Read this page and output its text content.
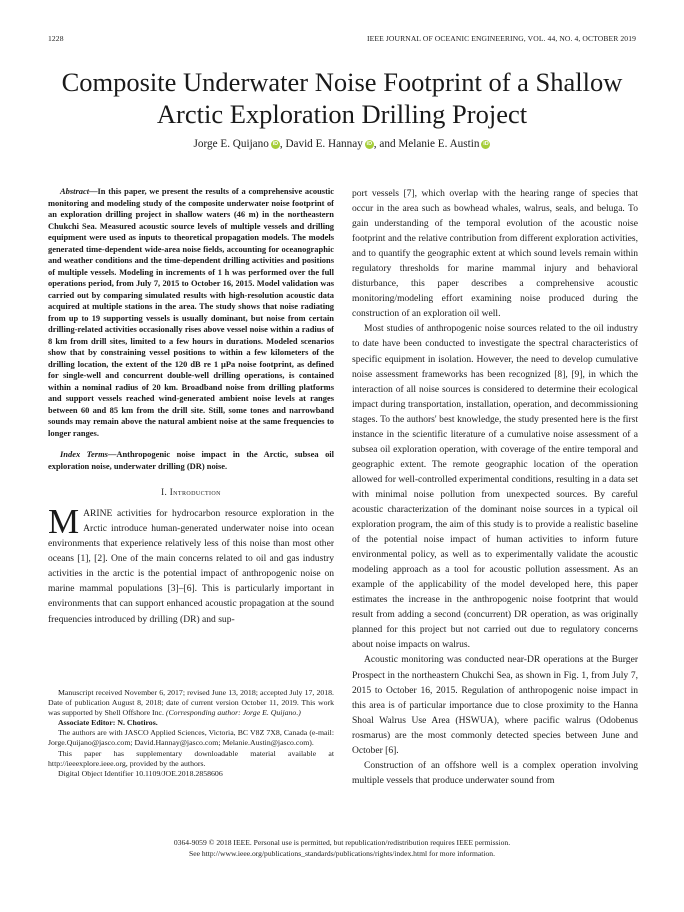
1228	IEEE JOURNAL OF OCEANIC ENGINEERING, VOL. 44, NO. 4, OCTOBER 2019
Composite Underwater Noise Footprint of a Shallow
Arctic Exploration Drilling Project
Jorge E. Quijano iD , David E. Hannay iD , and Melanie E. Austin iD

Abstract—In this paper, we present the results of a comprehensive acoustic monitoring and modeling study of the composite underwater noise footprint of an exploration drilling project in shallow waters (46 m) in the northeastern Chukchi Sea. Measured acoustic source levels of multiple vessels and drilling equipment were used as inputs to theoretical propagation models. The models generated time-dependent wide-area noise fields, accounting for oceanographic and weather conditions and the time-dependent drilling activities and positions of multiple vessels. Modeling in increments of 1 h was performed over the full operations period, from July 7, 2015 to October 16, 2015. Model validation was carried out by comparing simulated results with high-resolution acoustic data acquired at multiple stations in the area. The study shows that noise radiating from up to 19 supporting vessels is usually dominant, but noise from certain drilling-related activities occasionally rises above vessel noise within a radius of 8 km from drill sites, limited to a few hours in durations. Modeled scenarios show that by constraining vessel positions to within a few kilometers of the drilling location, the extent of the 120 dB re 1 μPa noise footprint, as defined for single-well and concurrent double-well drilling operations, is contained within a nominal radius of 20 km. Broadband noise from drilling platforms and support vessels reached wind-generated ambient noise levels at ranges between 60 and 85 km from the drill site. Still, some tones and narrowband sounds may remain above the natural ambient noise at the same frequencies to longer ranges.

Index Terms—Anthropogenic noise impact in the Arctic, subsea oil exploration noise, underwater drilling (DR) noise.

I. Introduction

MARINE activities for hydrocarbon resource exploration in the Arctic introduce human-generated underwater noise into ocean environments that experience relatively less of this noise than most other oceans [1], [2]. One of the main concerns related to oil and gas industry activities in the arctic is the potential impact of anthropogenic noise on marine mammal populations [3]–[6]. This is particularly important in environments that can support enhanced acoustic propagation at the sound frequencies introduced by drilling (DR) and sup-

Manuscript received November 6, 2017; revised June 13, 2018; accepted July 17, 2018. Date of publication August 8, 2018; date of current version October 11, 2019. This work was supported by Shell Offshore Inc. (Corresponding author: Jorge E. Quijano.)

Associate Editor: N. Chotiros.

The authors are with JASCO Applied Sciences, Victoria, BC V8Z 7X8, Canada (e-mail: Jorge.Quijano@jasco.com; David.Hannay@jasco.com; Melanie.Austin@jasco.com).

This paper has supplementary downloadable material available at http://ieeexplore.ieee.org, provided by the authors.

Digital Object Identifier 10.1109/JOE.2018.2858606

port vessels [7], which overlap with the hearing range of species that occur in the area such as bowhead whales, walrus, seals, and beluga. To gain understanding of the temporal evolution of the acoustic noise footprint and the relative contribution from different exploration activities, and to quantify the geographic extent at which sound levels remain within regulatory thresholds for marine mammal injury and behavioral disturbance, this paper describes a comprehensive acoustic monitoring/modeling effort examining noise produced during the construction of an exploration oil well.

Most studies of anthropogenic noise sources related to the oil industry to date have been conducted to investigate the spectral characteristics of specific equipment in isolation. However, the need to develop cumulative noise assessment frameworks has been recognized [8], [9], in which the interaction of all noise sources is considered to determine their ecological impact during transportation, installation, operation, and decommissioning stages. To the authors' best knowledge, the study presented here is the first instance in the scientific literature of a cumulative noise assessment of a subsea oil exploration operation, with coverage of the entire temporal and geographic extent. The remote geographic location of the operation allowed for well-controlled experimental conditions, resulting in a data set with minimal noise pollution from unexpected sources. By careful acoustic characterization of the dominant noise sources in a typical oil exploration program, the aim of this study is to provide a realistic baseline of the potential noise impact of human activities to inform future environmental policy, as well as to experimentally validate the acoustic modeling approach as a tool for acoustic pollution assessment. As an example of the applicability of the model developed here, this paper estimates the increase in the anthropogenic noise footprint that would result from adding a second (concurrent) DR operation, as was originally planned for this project but not carried out due to regulatory concerns about noise impacts on walrus.

Acoustic monitoring was conducted near-DR operations at the Burger Prospect in the northeastern Chukchi Sea, as shown in Fig. 1, from July 7, 2015 to October 16, 2015. Regulation of anthropogenic noise impact in this area is of particular importance due to close proximity to the Hanna Shoal Walrus Use Area (HSWUA), where pacific walrus (Odobenus rosmarus) are the most commonly detected species between June and October [6].

Construction of an offshore well is a complex operation involving multiple vessels that produce underwater sound from

0364-9059 © 2018 IEEE. Personal use is permitted, but republication/redistribution requires IEEE permission.
See http://www.ieee.org/publications_standards/publications/rights/index.html for more information.
